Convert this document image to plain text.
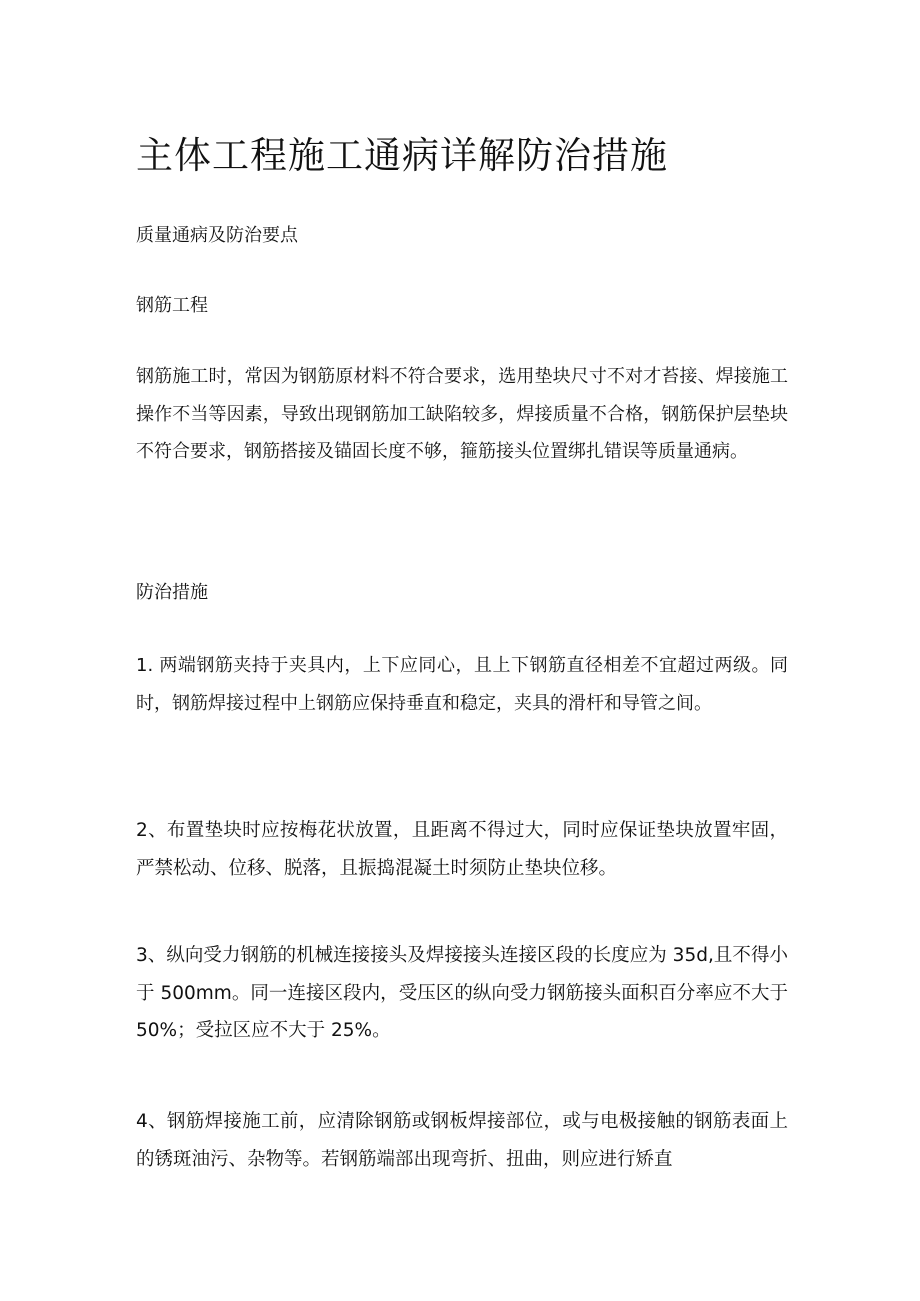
主体工程施工通病详解防治措施

质量通病及防治要点

钢筋工程

钢筋施工时，常因为钢筋原材料不符合要求，选用垫块尺寸不对才苔接、焊接施工操作不当等因素，导致出现钢筋加工缺陷较多，焊接质量不合格，钢筋保护层垫块不符合要求，钢筋搭接及锚固长度不够，箍筋接头位置绑扎错误等质量通病。

防治措施

1. 两端钢筋夹持于夹具内，上下应同心，且上下钢筋直径相差不宜超过两级。同时，钢筋焊接过程中上钢筋应保持垂直和稳定，夹具的滑杆和导管之间。

2、布置垫块时应按梅花状放置，且距离不得过大，同时应保证垫块放置牢固，严禁松动、位移、脱落，且振捣混凝土时须防止垫块位移。

3、纵向受力钢筋的机械连接接头及焊接接头连接区段的长度应为 35d,且不得小于 500mm。同一连接区段内，受压区的纵向受力钢筋接头面积百分率应不大于 50%；受拉区应不大于 25%。

4、钢筋焊接施工前，应清除钢筋或钢板焊接部位，或与电极接触的钢筋表面上的锈斑油污、杂物等。若钢筋端部出现弯折、扭曲，则应进行矫直
